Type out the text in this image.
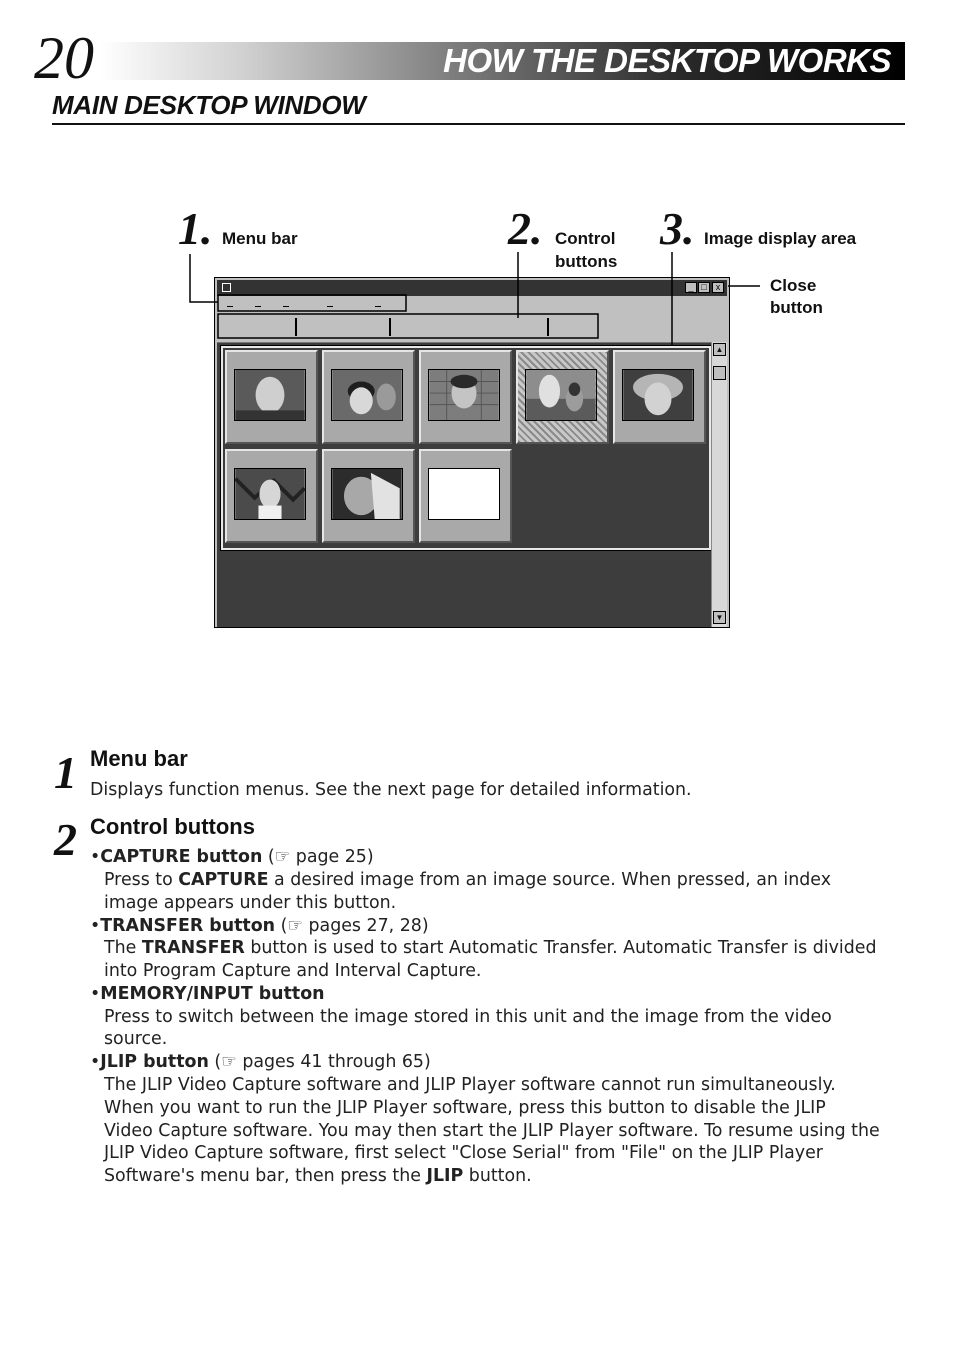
HOW THE DESKTOP WORKS
20
MAIN DESKTOP WINDOW
1. Menu bar	2. Control
buttons
3. Image display area
Close
button
_ □	x
▲
▼
1 Menu bar
Displays function menus. See the next page for detailed information.
2 Control buttons
•CAPTURE button (☞ page 25)
Press to CAPTURE a desired image from an image source. When pressed, an index
image appears under this button.
•TRANSFER button (☞ pages 27, 28)
The TRANSFER button is used to start Automatic Transfer. Automatic Transfer is divided
into Program Capture and Interval Capture.
•MEMORY/INPUT button
Press to switch between the image stored in this unit and the image from the video
source.
•JLIP button (☞ pages 41 through 65)
The JLIP Video Capture software and JLIP Player software cannot run simultaneously.
When you want to run the JLIP Player software, press this button to disable the JLIP
Video Capture software. You may then start the JLIP Player software. To resume using the
JLIP Video Capture software, first select "Close Serial" from "File" on the JLIP Player
Software's menu bar, then press the JLIP button.
